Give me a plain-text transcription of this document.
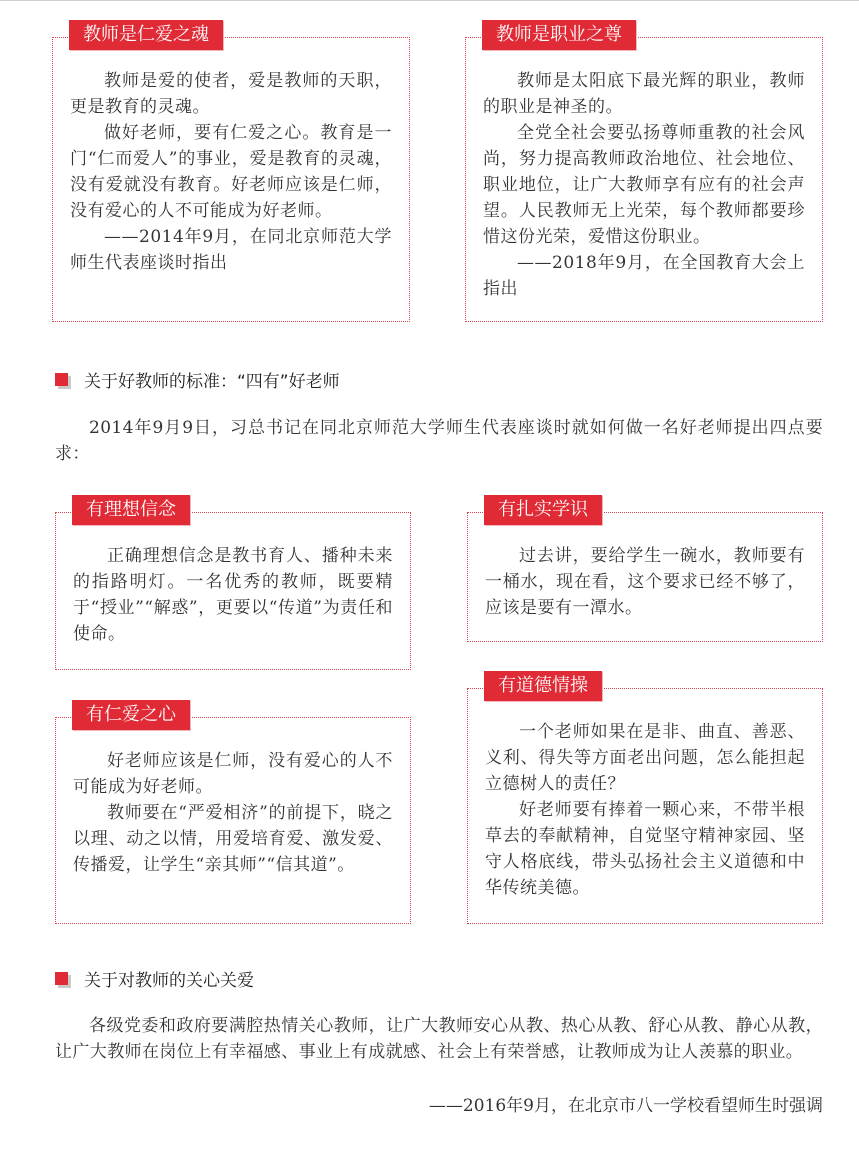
教师是仁爱之魂

教师是爱的使者，爱是教师的天职，更是教育的灵魂。

做好老师，要有仁爱之心。教育是一门“仁而爱人”的事业，爱是教育的灵魂，没有爱就没有教育。好老师应该是仁师，没有爱心的人不可能成为好老师。

——2014年9月，在同北京师范大学师生代表座谈时指出

教师是职业之尊

教师是太阳底下最光辉的职业，教师的职业是神圣的。

全党全社会要弘扬尊师重教的社会风尚，努力提高教师政治地位、社会地位、职业地位，让广大教师享有应有的社会声望。人民教师无上光荣，每个教师都要珍惜这份光荣，爱惜这份职业。

——2018年9月，在全国教育大会上指出

关于好教师的标准：“四有”好老师

2014年9月9日，习总书记在同北京师范大学师生代表座谈时就如何做一名好老师提出四点要求：

有理想信念

正确理想信念是教书育人、播种未来的指路明灯。一名优秀的教师，既要精于“授业”“解惑”，更要以“传道”为责任和使命。

有扎实学识

过去讲，要给学生一碗水，教师要有一桶水，现在看，这个要求已经不够了，应该是要有一潭水。

有仁爱之心

好老师应该是仁师，没有爱心的人不可能成为好老师。

教师要在“严爱相济”的前提下，晓之以理、动之以情，用爱培育爱、激发爱、传播爱，让学生“亲其师”“信其道”。

有道德情操

一个老师如果在是非、曲直、善恶、义利、得失等方面老出问题，怎么能担起立德树人的责任？

好老师要有捧着一颗心来，不带半根草去的奉献精神，自觉坚守精神家园、坚守人格底线，带头弘扬社会主义道德和中华传统美德。

关于对教师的关心关爱

各级党委和政府要满腔热情关心教师，让广大教师安心从教、热心从教、舒心从教、静心从教，让广大教师在岗位上有幸福感、事业上有成就感、社会上有荣誉感，让教师成为让人羡慕的职业。

——2016年9月，在北京市八一学校看望师生时强调
